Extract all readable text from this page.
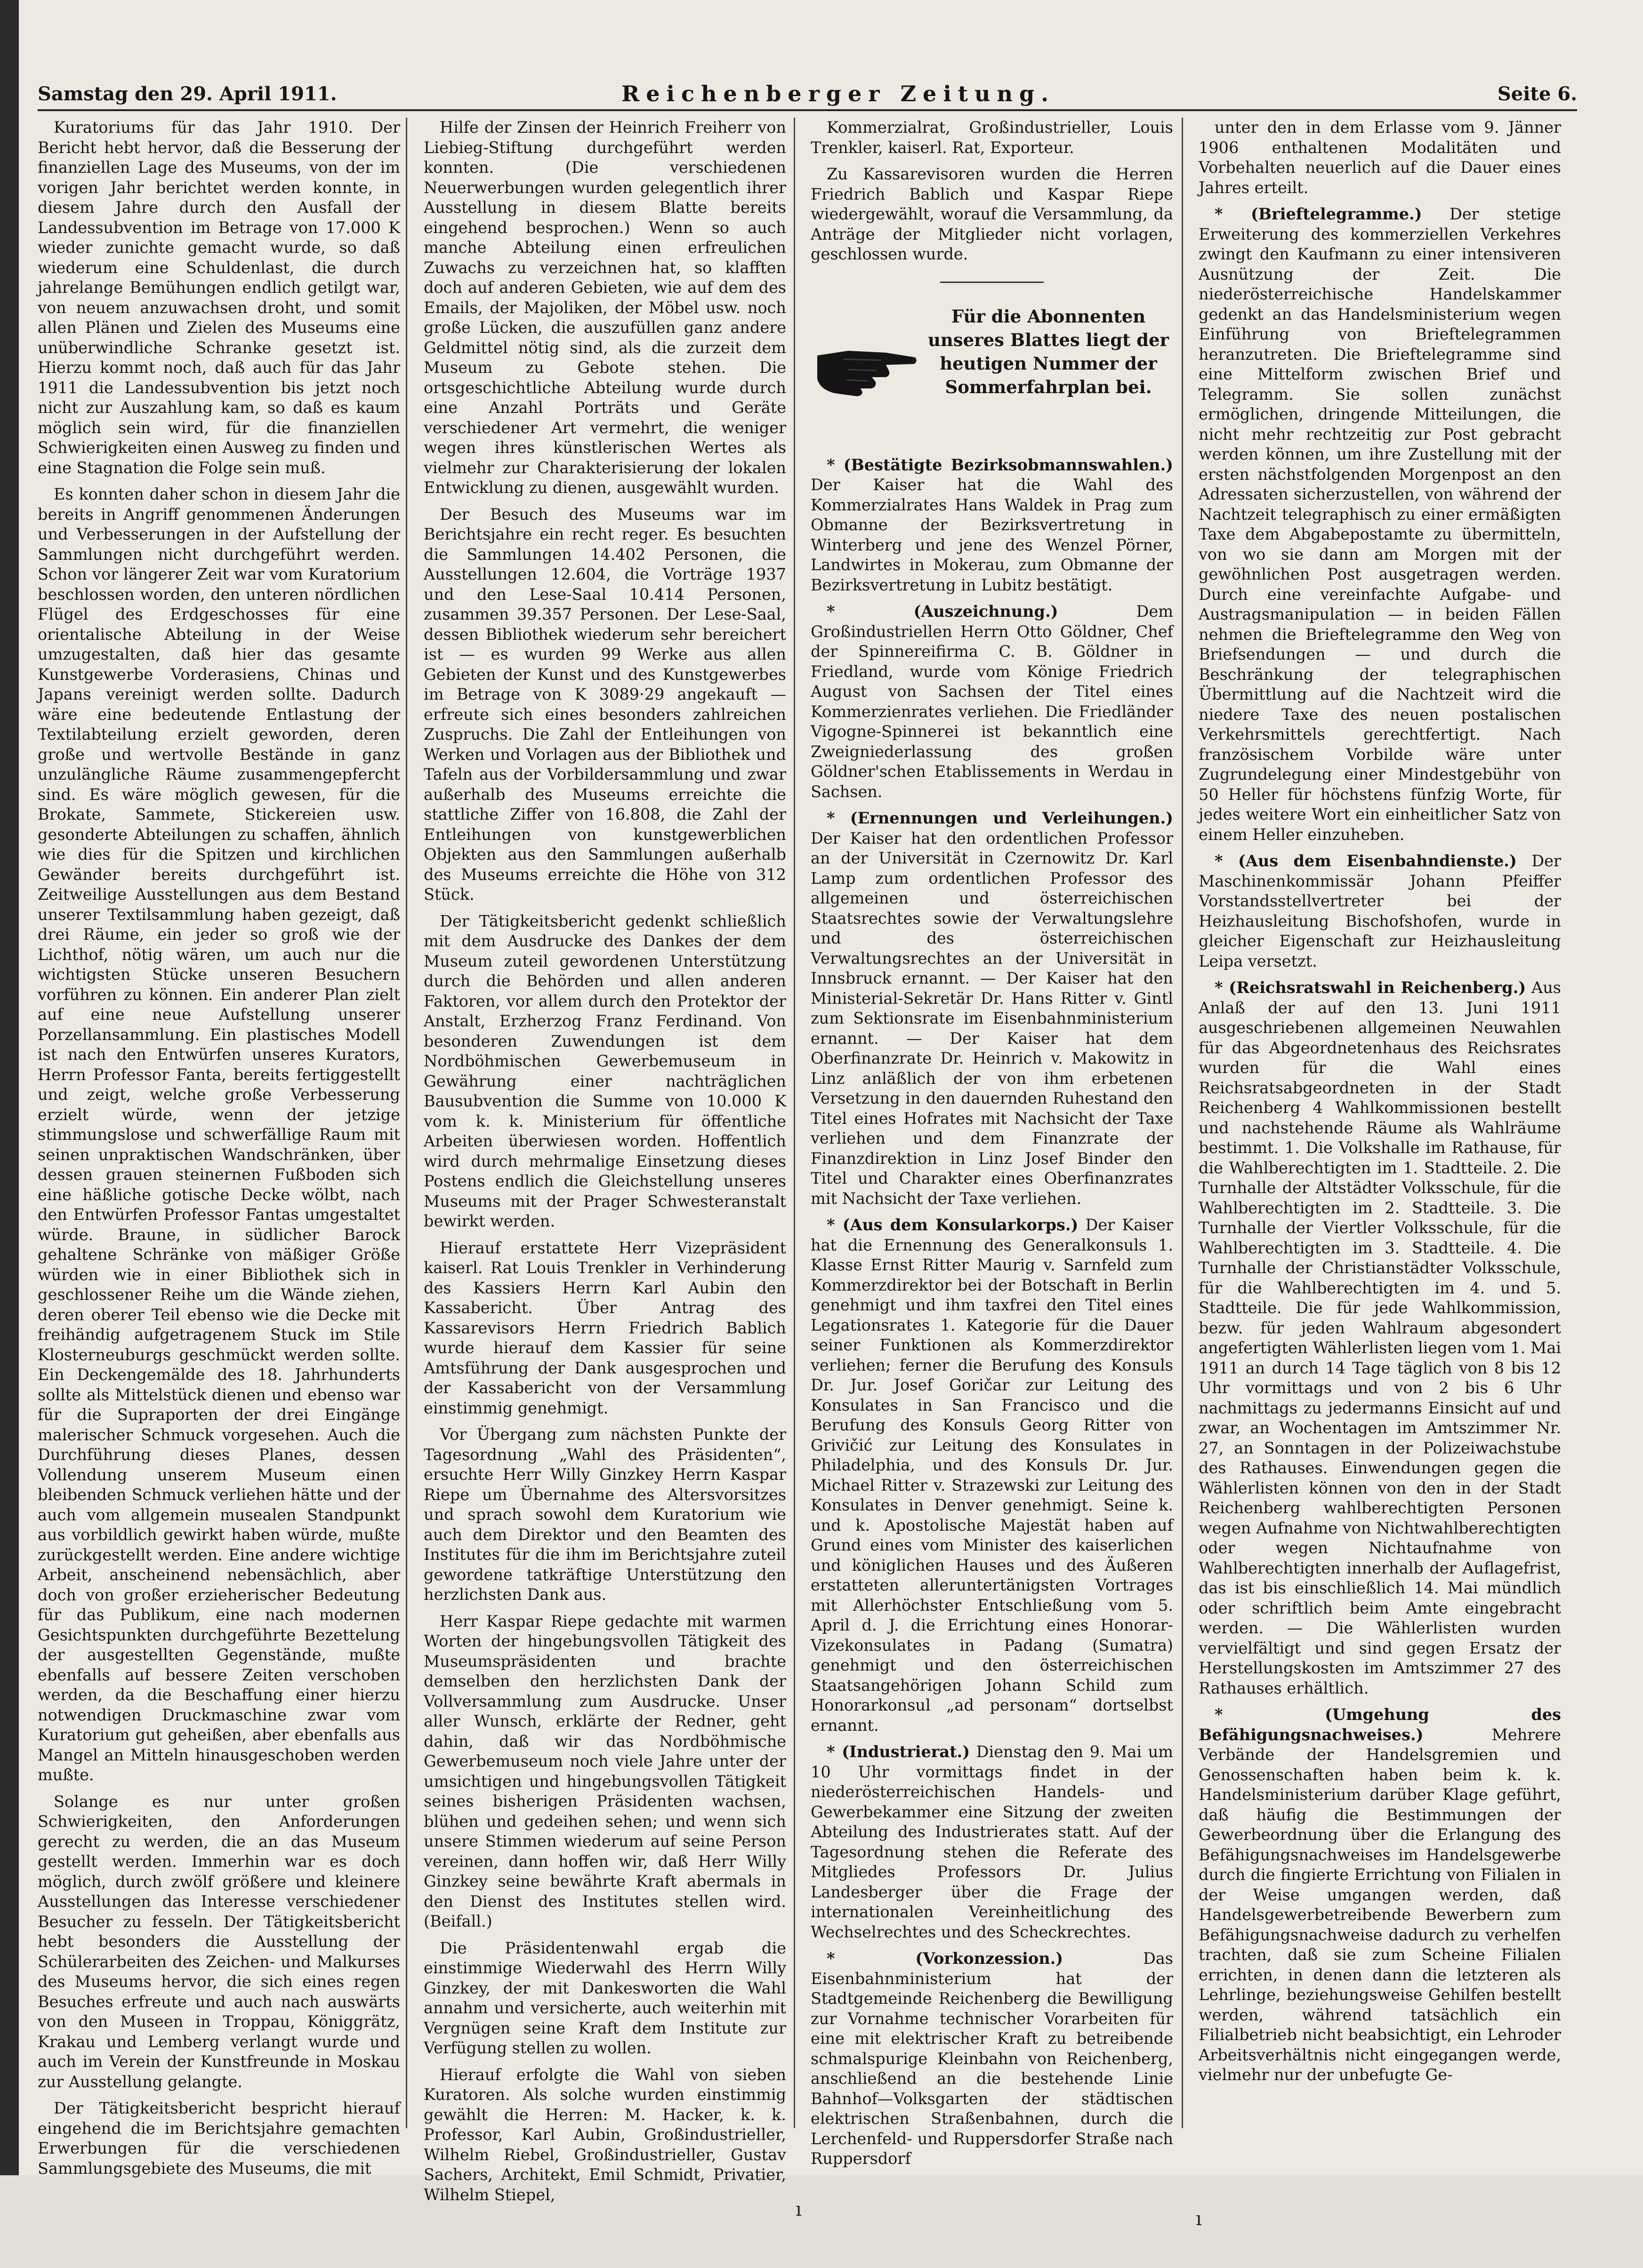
Samstag den 29. April 1911.	Reichenberger Zeitung.	Seite 6.

Kuratoriums für das Jahr 1910. Der Bericht hebt hervor, daß die Besserung der finanziellen Lage des Museums, von der im vorigen Jahr berichtet werden konnte, in diesem Jahre durch den Ausfall der Landessubvention im Betrage von 17.000 K wieder zunichte gemacht wurde, so daß wiederum eine Schuldenlast, die durch jahrelange Bemühungen endlich getilgt war, von neuem anzuwachsen droht, und somit allen Plänen und Zielen des Museums eine unüberwindliche Schranke gesetzt ist. Hierzu kommt noch, daß auch für das Jahr 1911 die Landessubvention bis jetzt noch nicht zur Auszahlung kam, so daß es kaum möglich sein wird, für die finanziellen Schwierigkeiten einen Ausweg zu finden und eine Stagnation die Folge sein muß.

Es konnten daher schon in diesem Jahr die bereits in Angriff genommenen Änderungen und Verbesserungen in der Aufstellung der Sammlungen nicht durchgeführt werden. Schon vor längerer Zeit war vom Kuratorium beschlossen worden, den unteren nördlichen Flügel des Erdgeschosses für eine orientalische Abteilung in der Weise umzugestalten, daß hier das gesamte Kunstgewerbe Vorderasiens, Chinas und Japans vereinigt werden sollte. Dadurch wäre eine bedeutende Entlastung der Textilabteilung erzielt geworden, deren große und wertvolle Bestände in ganz unzulängliche Räume zusammengepfercht sind. Es wäre möglich gewesen, für die Brokate, Sammete, Stickereien usw. gesonderte Abteilungen zu schaffen, ähnlich wie dies für die Spitzen und kirchlichen Gewänder bereits durchgeführt ist. Zeitweilige Ausstellungen aus dem Bestand unserer Textilsammlung haben gezeigt, daß drei Räume, ein jeder so groß wie der Lichthof, nötig wären, um auch nur die wichtigsten Stücke unseren Besuchern vorführen zu können. Ein anderer Plan zielt auf eine neue Aufstellung unserer Porzellansammlung. Ein plastisches Modell ist nach den Entwürfen unseres Kurators, Herrn Professor Fanta, bereits fertiggestellt und zeigt, welche große Verbesserung erzielt würde, wenn der jetzige stimmungslose und schwerfällige Raum mit seinen unpraktischen Wandschränken, über dessen grauen steinernen Fußboden sich eine häßliche gotische Decke wölbt, nach den Entwürfen Professor Fantas umgestaltet würde. Braune, in südlicher Barock gehaltene Schränke von mäßiger Größe würden wie in einer Bibliothek sich in geschlossener Reihe um die Wände ziehen, deren oberer Teil ebenso wie die Decke mit freihändig aufgetragenem Stuck im Stile Klosterneuburgs geschmückt werden sollte. Ein Deckengemälde des 18. Jahrhunderts sollte als Mittelstück dienen und ebenso war für die Supraporten der drei Eingänge malerischer Schmuck vorgesehen. Auch die Durchführung dieses Planes, dessen Vollendung unserem Museum einen bleibenden Schmuck verliehen hätte und der auch vom allgemein musealen Standpunkt aus vorbildlich gewirkt haben würde, mußte zurückgestellt werden. Eine andere wichtige Arbeit, anscheinend nebensächlich, aber doch von großer erzieherischer Bedeutung für das Publikum, eine nach modernen Gesichtspunkten durchgeführte Bezettelung der ausgestellten Gegenstände, mußte ebenfalls auf bessere Zeiten verschoben werden, da die Beschaffung einer hierzu notwendigen Druckmaschine zwar vom Kuratorium gut geheißen, aber ebenfalls aus Mangel an Mitteln hinausgeschoben werden mußte.

Solange es nur unter großen Schwierigkeiten, den Anforderungen gerecht zu werden, die an das Museum gestellt werden. Immerhin war es doch möglich, durch zwölf größere und kleinere Ausstellungen das Interesse verschiedener Besucher zu fesseln. Der Tätigkeitsbericht hebt besonders die Ausstellung der Schülerarbeiten des Zeichen- und Malkurses des Museums hervor, die sich eines regen Besuches erfreute und auch nach auswärts von den Museen in Troppau, Königgrätz, Krakau und Lemberg verlangt wurde und auch im Verein der Kunstfreunde in Moskau zur Ausstellung gelangte.

Der Tätigkeitsbericht bespricht hierauf eingehend die im Berichtsjahre gemachten Erwerbungen für die verschiedenen Sammlungsgebiete des Museums, die mit

Hilfe der Zinsen der Heinrich Freiherr von Liebieg-Stiftung durchgeführt werden konnten. (Die verschiedenen Neuerwerbungen wurden gelegentlich ihrer Ausstellung in diesem Blatte bereits eingehend besprochen.) Wenn so auch manche Abteilung einen erfreulichen Zuwachs zu verzeichnen hat, so klafften doch auf anderen Gebieten, wie auf dem des Emails, der Majoliken, der Möbel usw. noch große Lücken, die auszufüllen ganz andere Geldmittel nötig sind, als die zurzeit dem Museum zu Gebote stehen. Die ortsgeschichtliche Abteilung wurde durch eine Anzahl Porträts und Geräte verschiedener Art vermehrt, die weniger wegen ihres künstlerischen Wertes als vielmehr zur Charakterisierung der lokalen Entwicklung zu dienen, ausgewählt wurden.

Der Besuch des Museums war im Berichtsjahre ein recht reger. Es besuchten die Sammlungen 14.402 Personen, die Ausstellungen 12.604, die Vorträge 1937 und den Lese-Saal 10.414 Personen, zusammen 39.357 Personen. Der Lese-Saal, dessen Bibliothek wiederum sehr bereichert ist — es wurden 99 Werke aus allen Gebieten der Kunst und des Kunstgewerbes im Betrage von K 3089·29 angekauft — erfreute sich eines besonders zahlreichen Zuspruchs. Die Zahl der Entleihungen von Werken und Vorlagen aus der Bibliothek und Tafeln aus der Vorbildersammlung und zwar außerhalb des Museums erreichte die stattliche Ziffer von 16.808, die Zahl der Entleihungen von kunstgewerblichen Objekten aus den Sammlungen außerhalb des Museums erreichte die Höhe von 312 Stück.

Der Tätigkeitsbericht gedenkt schließlich mit dem Ausdrucke des Dankes der dem Museum zuteil gewordenen Unterstützung durch die Behörden und allen anderen Faktoren, vor allem durch den Protektor der Anstalt, Erzherzog Franz Ferdinand. Von besonderen Zuwendungen ist dem Nordböhmischen Gewerbemuseum in Gewährung einer nachträglichen Bausubvention die Summe von 10.000 K vom k. k. Ministerium für öffentliche Arbeiten überwiesen worden. Hoffentlich wird durch mehrmalige Einsetzung dieses Postens endlich die Gleichstellung unseres Museums mit der Prager Schwesteranstalt bewirkt werden.

Hierauf erstattete Herr Vizepräsident kaiserl. Rat Louis Trenkler in Verhinderung des Kassiers Herrn Karl Aubin den Kassabericht. Über Antrag des Kassarevisors Herrn Friedrich Bablich wurde hierauf dem Kassier für seine Amtsführung der Dank ausgesprochen und der Kassabericht von der Versammlung einstimmig genehmigt.

Vor Übergang zum nächsten Punkte der Tagesordnung „Wahl des Präsidenten“, ersuchte Herr Willy Ginzkey Herrn Kaspar Riepe um Übernahme des Altersvorsitzes und sprach sowohl dem Kuratorium wie auch dem Direktor und den Beamten des Institutes für die ihm im Berichtsjahre zuteil gewordene tatkräftige Unterstützung den herzlichsten Dank aus.

Herr Kaspar Riepe gedachte mit warmen Worten der hingebungsvollen Tätigkeit des Museumspräsidenten und brachte demselben den herzlichsten Dank der Vollversammlung zum Ausdrucke. Unser aller Wunsch, erklärte der Redner, geht dahin, daß wir das Nordböhmische Gewerbemuseum noch viele Jahre unter der umsichtigen und hingebungsvollen Tätigkeit seines bisherigen Präsidenten wachsen, blühen und gedeihen sehen; und wenn sich unsere Stimmen wiederum auf seine Person vereinen, dann hoffen wir, daß Herr Willy Ginzkey seine bewährte Kraft abermals in den Dienst des Institutes stellen wird. (Beifall.)

Die Präsidentenwahl ergab die einstimmige Wiederwahl des Herrn Willy Ginzkey, der mit Dankesworten die Wahl annahm und versicherte, auch weiterhin mit Vergnügen seine Kraft dem Institute zur Verfügung stellen zu wollen.

Hierauf erfolgte die Wahl von sieben Kuratoren. Als solche wurden einstimmig gewählt die Herren: M. Hacker, k. k. Professor, Karl Aubin, Großindustrieller, Wilhelm Riebel, Großindustrieller, Gustav Sachers, Architekt, Emil Schmidt, Privatier, Wilhelm Stiepel,

Kommerzialrat, Großindustrieller, Louis Trenkler, kaiserl. Rat, Exporteur.

Zu Kassarevisoren wurden die Herren Friedrich Bablich und Kaspar Riepe wiedergewählt, worauf die Versammlung, da Anträge der Mitglieder nicht vorlagen, geschlossen wurde.

Für die Abonnenten unseres Blattes liegt der heutigen Nummer der Sommerfahrplan bei.

* (Bestätigte Bezirksobmannswahlen.) Der Kaiser hat die Wahl des Kommerzialrates Hans Waldek in Prag zum Obmanne der Bezirksvertretung in Winterberg und jene des Wenzel Pörner, Landwirtes in Mokerau, zum Obmanne der Bezirksvertretung in Lubitz bestätigt.

* (Auszeichnung.)	Dem Großindustriellen Herrn Otto Göldner, Chef der Spinnereifirma C. B. Göldner in Friedland, wurde vom Könige Friedrich August von Sachsen der Titel eines Kommerzienrates verliehen. Die Friedländer Vigogne-Spinnerei ist bekanntlich eine Zweigniederlassung des großen Göldner'schen Etablissements in Werdau in Sachsen.

* (Ernennungen und Verleihungen.) Der Kaiser hat den ordentlichen Professor an der Universität in Czernowitz Dr. Karl Lamp zum ordentlichen Professor des allgemeinen und österreichischen Staatsrechtes sowie der Verwaltungslehre und des österreichischen Verwaltungsrechtes an der Universität in Innsbruck ernannt. — Der Kaiser hat den Ministerial-Sekretär Dr. Hans Ritter v. Gintl zum Sektionsrate im Eisenbahnministerium ernannt. — Der Kaiser hat dem Oberfinanzrate Dr. Heinrich v. Makowitz in Linz anläßlich der von ihm erbetenen Versetzung in den dauernden Ruhestand den Titel eines Hofrates mit Nachsicht der Taxe verliehen und dem Finanzrate der Finanzdirektion in Linz Josef Binder den Titel und Charakter eines Oberfinanzrates mit Nachsicht der Taxe verliehen.

* (Aus dem Konsularkorps.) Der Kaiser hat die Ernennung des Generalkonsuls 1. Klasse Ernst Ritter Maurig v. Sarnfeld zum Kommerzdirektor bei der Botschaft in Berlin genehmigt und ihm taxfrei den Titel eines Legationsrates 1. Kategorie für die Dauer seiner Funktionen als Kommerzdirektor verliehen; ferner die Berufung des Konsuls Dr. Jur. Josef Goričar zur Leitung des Konsulates in San Francisco und die Berufung des Konsuls Georg Ritter von Grivičić zur Leitung des Konsulates in Philadelphia, und des Konsuls Dr. Jur. Michael Ritter v. Strazewski zur Leitung des Konsulates in Denver genehmigt. Seine k. und k. Apostolische Majestät haben auf Grund eines vom Minister des kaiserlichen und königlichen Hauses und des Äußeren erstatteten alleruntertänigsten Vortrages mit Allerhöchster Entschließung vom 5. April d. J. die Errichtung eines Honorar-Vizekonsulates in Padang (Sumatra) genehmigt und den österreichischen Staatsangehörigen Johann Schild zum Honorarkonsul „ad personam“ dortselbst ernannt.

* (Industrierat.) Dienstag den 9. Mai um 10 Uhr vormittags findet in der niederösterreichischen Handels- und Gewerbekammer eine Sitzung der zweiten Abteilung des Industrierates statt. Auf der Tagesordnung stehen die Referate des Mitgliedes Professors Dr. Julius Landesberger über die Frage der internationalen Vereinheitlichung des Wechselrechtes und des Scheckrechtes.

* (Vorkonzession.)	Das Eisenbahnministerium hat der Stadtgemeinde Reichenberg die Bewilligung zur Vornahme technischer Vorarbeiten für eine mit elektrischer Kraft zu betreibende schmalspurige Kleinbahn von Reichenberg, anschließend an die bestehende Linie Bahnhof—Volksgarten der städtischen elektrischen Straßenbahnen, durch die Lerchenfeld- und Ruppersdorfer Straße nach Ruppersdorf

unter den in dem Erlasse vom 9. Jänner 1906 enthaltenen Modalitäten und Vorbehalten neuerlich auf die Dauer eines Jahres erteilt.

* (Brieftelegramme.) Der stetige Erweiterung des kommerziellen Verkehres zwingt den Kaufmann zu einer intensiveren Ausnützung der Zeit. Die niederösterreichische Handelskammer gedenkt an das Handelsministerium wegen Einführung von Brieftelegrammen heranzutreten. Die Brieftelegramme sind eine Mittelform zwischen Brief und Telegramm. Sie sollen zunächst ermöglichen, dringende Mitteilungen, die nicht mehr rechtzeitig zur Post gebracht werden können, um ihre Zustellung mit der ersten nächstfolgenden Morgenpost an den Adressaten sicherzustellen, von während der Nachtzeit telegraphisch zu einer ermäßigten Taxe dem Abgabepostamte zu übermitteln, von wo sie dann am Morgen mit der gewöhnlichen Post ausgetragen werden. Durch eine vereinfachte Aufgabe- und Austragsmanipulation — in beiden Fällen nehmen die Brieftelegramme den Weg von Briefsendungen — und durch die Beschränkung der telegraphischen Übermittlung auf die Nachtzeit wird die niedere Taxe des neuen postalischen Verkehrsmittels gerechtfertigt. Nach französischem Vorbilde wäre unter Zugrundelegung einer Mindestgebühr von 50 Heller für höchstens fünfzig Worte, für jedes weitere Wort ein einheitlicher Satz von einem Heller einzuheben.

* (Aus dem Eisenbahndienste.) Der Maschinenkommissär Johann Pfeiffer Vorstandsstellvertreter bei der Heizhausleitung Bischofshofen, wurde in gleicher Eigenschaft zur Heizhausleitung Leipa versetzt.

* (Reichsratswahl in Reichenberg.) Aus Anlaß der auf den 13. Juni 1911 ausgeschriebenen allgemeinen Neuwahlen für das Abgeordnetenhaus des Reichsrates wurden für die Wahl eines Reichsratsabgeordneten in der Stadt Reichenberg 4 Wahlkommissionen bestellt und nachstehende Räume als Wahlräume bestimmt. 1. Die Volkshalle im Rathause, für die Wahlberechtigten im 1. Stadtteile. 2. Die Turnhalle der Altstädter Volksschule, für die Wahlberechtigten im 2. Stadtteile. 3. Die Turnhalle der Viertler Volksschule, für die Wahlberechtigten im 3. Stadtteile. 4. Die Turnhalle der Christianstädter Volksschule, für die Wahlberechtigten im 4. und 5. Stadtteile. Die für jede Wahlkommission, bezw. für jeden Wahlraum abgesondert angefertigten Wählerlisten liegen vom 1. Mai 1911 an durch 14 Tage täglich von 8 bis 12 Uhr vormittags und von 2 bis 6 Uhr nachmittags zu jedermanns Einsicht auf und zwar, an Wochentagen im Amtszimmer Nr. 27, an Sonntagen in der Polizeiwachstube des Rathauses. Einwendungen gegen die Wählerlisten können von den in der Stadt Reichenberg wahlberechtigten Personen wegen Aufnahme von Nichtwahlberechtigten oder wegen Nichtaufnahme von Wahlberechtigten innerhalb der Auflagefrist, das ist bis einschließlich 14. Mai mündlich oder schriftlich beim Amte eingebracht werden. — Die Wählerlisten wurden vervielfältigt und sind gegen Ersatz der Herstellungskosten im Amtszimmer 27 des Rathauses erhältlich.

* (Umgehung des Befähigungsnachweises.)	Mehrere Verbände der Handelsgremien und Genossenschaften haben beim k. k. Handelsministerium darüber Klage geführt, daß häufig die Bestimmungen der Gewerbeordnung über die Erlangung des Befähigungsnachweises im Handelsgewerbe durch die fingierte Errichtung von Filialen in der Weise umgangen werden, daß Handelsgewerbetreibende Bewerbern zum Befähigungsnachweise dadurch zu verhelfen trachten, daß sie zum Scheine Filialen errichten, in denen dann die letzteren als Lehrlinge, beziehungsweise Gehilfen bestellt werden, während tatsächlich ein Filialbetrieb nicht beabsichtigt, ein Lehroder Arbeitsverhältnis nicht eingegangen werde, vielmehr nur der unbefugte Ge-

ı	ı
